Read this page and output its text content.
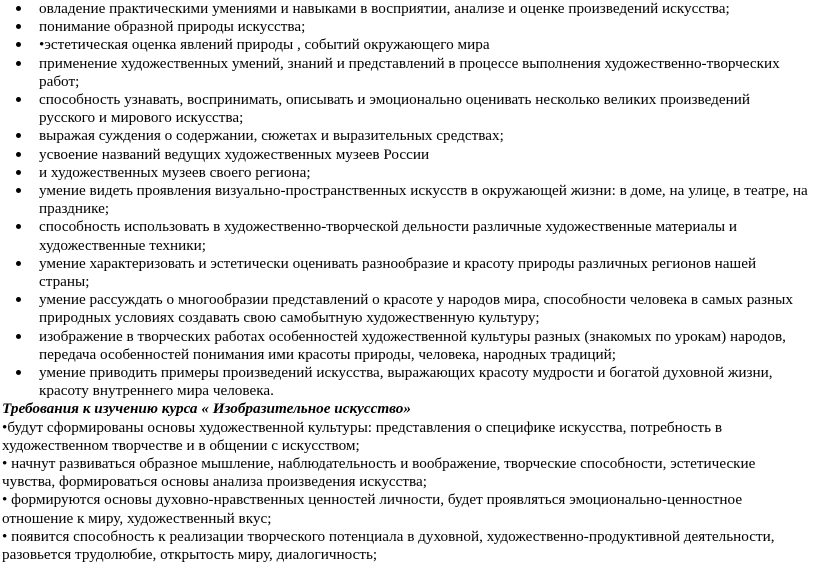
овладение практическими умениями и навыками в восприятии, анализе и оценке произведений искусства;
понимание образной природы искусства;
•эстетическая оценка явлений природы , событий окружающего мира
применение художественных умений, знаний и представлений в процессе выполнения художественно-творческих работ;
способность узнавать, воспринимать, описывать и эмоционально оценивать несколько великих произведений русского и мирового искусства;
выражая суждения о содержании, сюжетах и выразительных средствах;
усвоение названий ведущих художественных музеев России
и художественных музеев своего региона;
умение видеть проявления визуально-пространственных искусств в окружающей жизни: в доме, на улице, в театре, на празднике;
способность использовать в художественно-творческой дельности различные художественные материалы и художественные техники;
умение характеризовать и эстетически оценивать разнообразие и красоту природы различных регионов нашей страны;
умение рассуждать о многообразии представлений о красоте у народов мира, способности человека в самых разных природных условиях создавать свою самобытную художественную культуру;
изображение в творческих работах особенностей художественной культуры разных (знакомых по урокам) народов, передача особенностей понимания ими красоты природы, человека, народных традиций;
умение приводить примеры произведений искусства, выражающих красоту мудрости и богатой духовной жизни, красоту внутреннего мира человека.
Требования к изучению курса « Изобразительное искусство»

•будут сформированы основы художественной культуры: представления о специфике искусства, потребность в художественном творчестве и в общении с искусством;

• начнут развиваться образное мышление, наблюдательность и воображение, творческие способности, эстетические чувства, формироваться основы анализа произведения искусства;

• формируются основы духовно-нравственных ценностей личности, будет проявляться эмоционально-ценностное отношение к миру, художественный вкус;

• появится способность к реализации творческого потенциала в духовной, художественно-продуктивной деятельности, разовьется трудолюбие, открытость миру, диалогичность;
